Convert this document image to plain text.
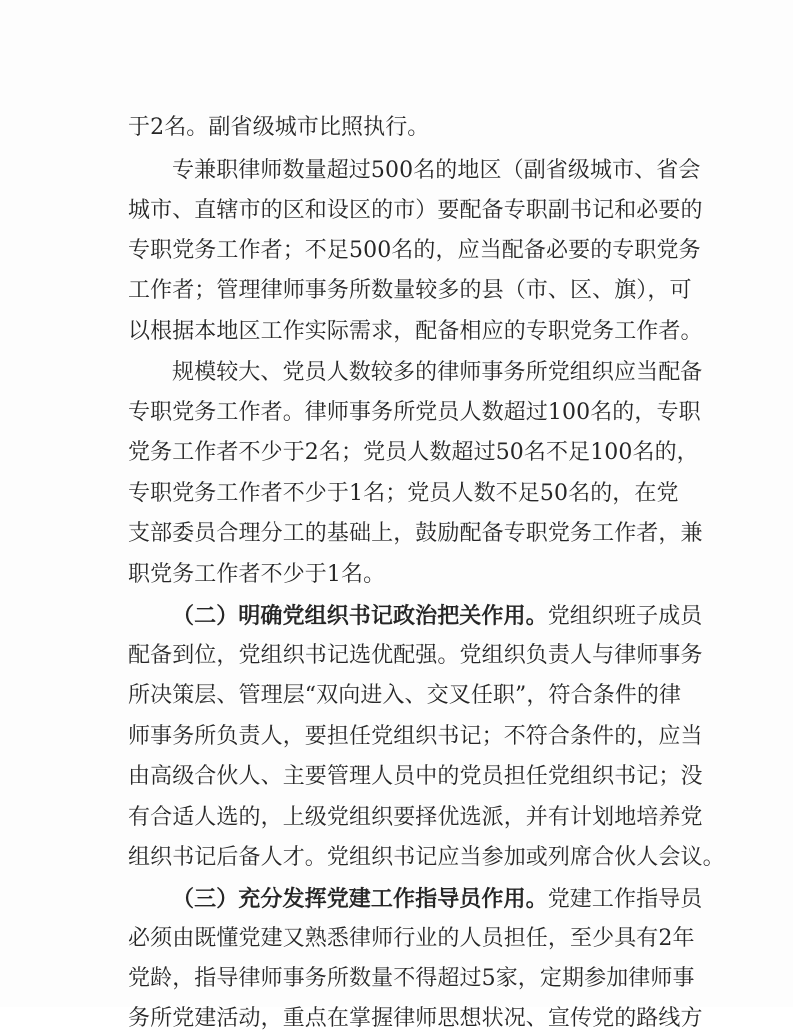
于2名。副省级城市比照执行。
专兼职律师数量超过500名的地区（副省级城市、省会
城市、直辖市的区和设区的市）要配备专职副书记和必要的
专职党务工作者；不足500名的，应当配备必要的专职党务
工作者；管理律师事务所数量较多的县（市、区、旗），可
以根据本地区工作实际需求，配备相应的专职党务工作者。
规模较大、党员人数较多的律师事务所党组织应当配备
专职党务工作者。律师事务所党员人数超过100名的，专职
党务工作者不少于2名；党员人数超过50名不足100名的，
专职党务工作者不少于1名；党员人数不足50名的，在党
支部委员合理分工的基础上，鼓励配备专职党务工作者，兼
职党务工作者不少于1名。
（二）明确党组织书记政治把关作用。党组织班子成员
配备到位，党组织书记选优配强。党组织负责人与律师事务
所决策层、管理层“双向进入、交叉任职”，符合条件的律
师事务所负责人，要担任党组织书记；不符合条件的，应当
由高级合伙人、主要管理人员中的党员担任党组织书记；没
有合适人选的，上级党组织要择优选派，并有计划地培养党
组织书记后备人才。党组织书记应当参加或列席合伙人会议。
（三）充分发挥党建工作指导员作用。党建工作指导员
必须由既懂党建又熟悉律师行业的人员担任，至少具有2年
党龄，指导律师事务所数量不得超过5家，定期参加律师事
务所党建活动，重点在掌握律师思想状况、宣传党的路线方
